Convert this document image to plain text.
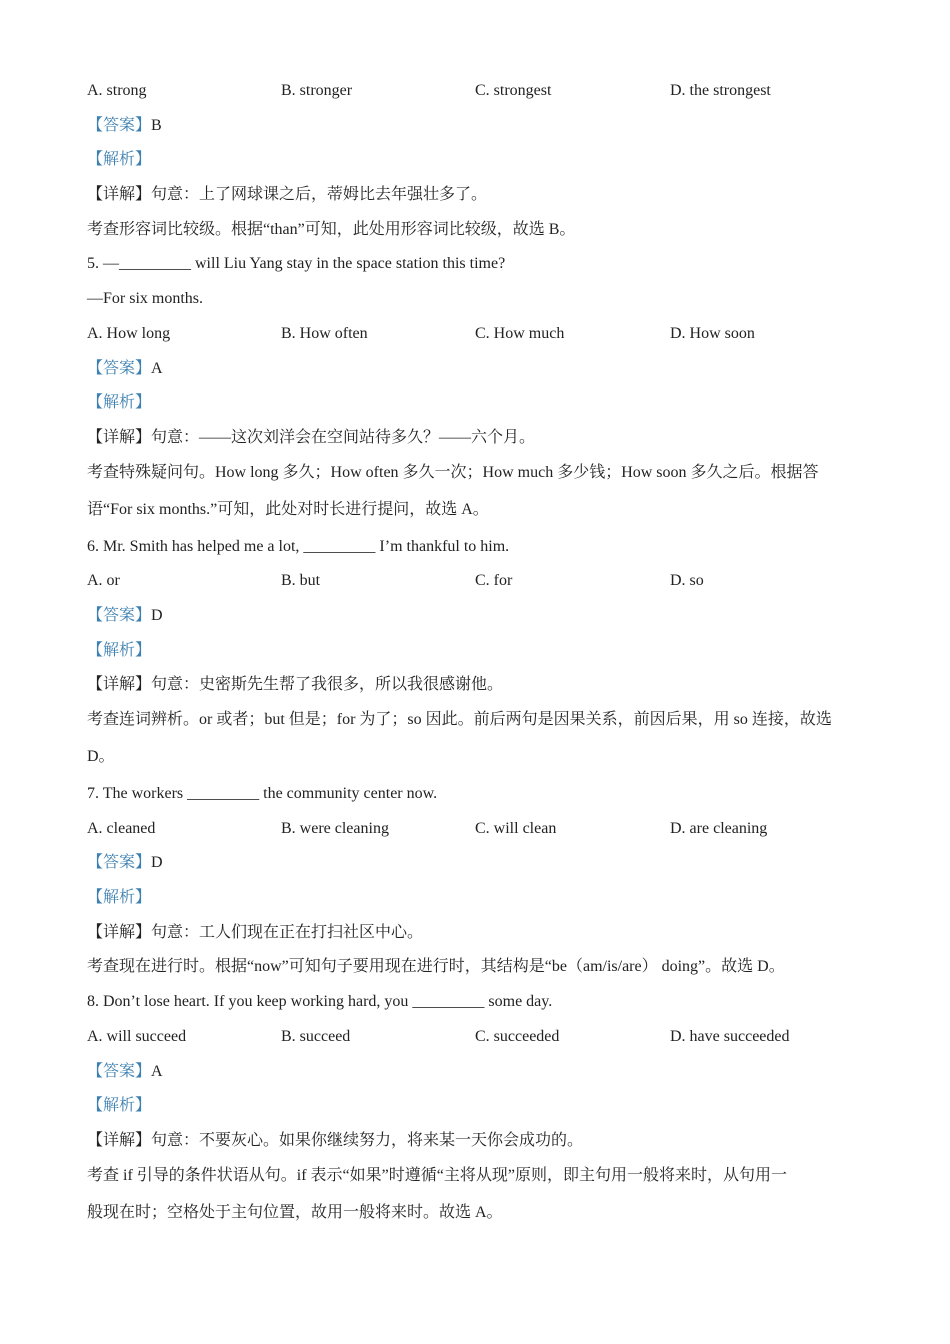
A. strong	B. stronger	C. strongest	D. the strongest
【答案】B
【解析】
【详解】句意：上了网球课之后，蒂姆比去年强壮多了。
考查形容词比较级。根据“than”可知，此处用形容词比较级，故选 B。
5. —_________ will Liu Yang stay in the space station this time?
—For six months.
A. How long	B. How often	C. How much	D. How soon
【答案】A
【解析】
【详解】句意：——这次刘洋会在空间站待多久？——六个月。
考查特殊疑问句。How long 多久；How often 多久一次；How much 多少钱；How soon 多久之后。根据答
语“For six months.”可知，此处对时长进行提问，故选 A。
6. Mr. Smith has helped me a lot, _________ I’m thankful to him.
A. or	B. but	C. for	D. so
【答案】D
【解析】
【详解】句意：史密斯先生帮了我很多，所以我很感谢他。
考查连词辨析。or 或者；but 但是；for 为了；so 因此。前后两句是因果关系，前因后果，用 so 连接，故选
D。
7. The workers _________ the community center now.
A. cleaned	B. were cleaning	C. will clean	D. are cleaning
【答案】D
【解析】
【详解】句意：工人们现在正在打扫社区中心。
考查现在进行时。根据“now”可知句子要用现在进行时，其结构是“be（am/is/are） doing”。故选 D。
8. Don’t lose heart. If you keep working hard, you _________ some day.
A. will succeed	B. succeed	C. succeeded	D. have succeeded
【答案】A
【解析】
【详解】句意：不要灰心。如果你继续努力，将来某一天你会成功的。
考查 if 引导的条件状语从句。if 表示“如果”时遵循“主将从现”原则，即主句用一般将来时，从句用一
般现在时；空格处于主句位置，故用一般将来时。故选 A。
